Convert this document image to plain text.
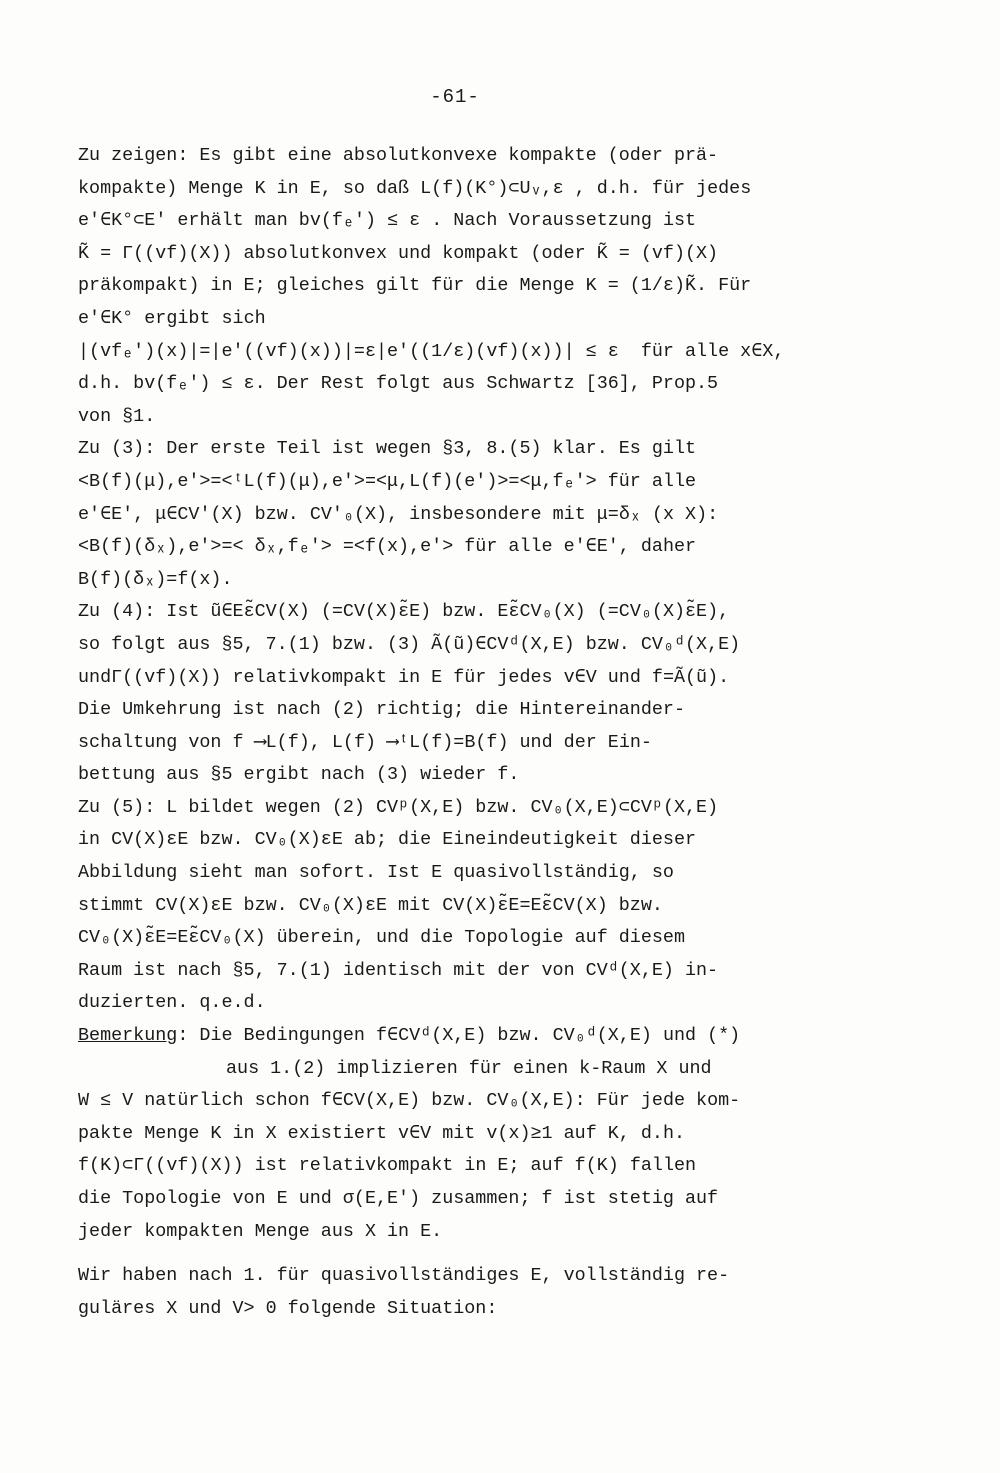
-61-
Zu zeigen: Es gibt eine absolutkonvexe kompakte (oder prä-
kompakte) Menge K in E, so daß L(f)(K°)⊂Uᵥ,ε , d.h. für jedes
e'∈K°⊂E' erhält man bv(fₑ') ≤ ε . Nach Voraussetzung ist
K̃ = Γ((vf)(X)) absolutkonvex und kompakt (oder K̃ = (vf)(X)
präkompakt) in E; gleiches gilt für die Menge K = (1/ε)K̃. Für
e'∈K° ergibt sich
|(vfₑ')(x)|=|e'((vf)(x))|=ε|e'((1/ε)(vf)(x))| ≤ ε  für alle x∈X,
d.h. bv(fₑ') ≤ ε. Der Rest folgt aus Schwartz [36], Prop.5
von §1.
Zu (3): Der erste Teil ist wegen §3, 8.(5) klar. Es gilt
<B(f)(μ),e'>=<ᵗL(f)(μ),e'>=<μ,L(f)(e')>=<μ,fₑ'> für alle
e'∈E', μ∈CV'(X) bzw. CV'₀(X), insbesondere mit μ=δₓ (x X):
<B(f)(δₓ),e'>=< δₓ,fₑ'> =<f(x),e'> für alle e'∈E', daher
B(f)(δₓ)=f(x).
Zu (4): Ist ũ∈Eε̃CV(X) (=CV(X)ε̃E) bzw. Eε̃CV₀(X) (=CV₀(X)ε̃E),
so folgt aus §5, 7.(1) bzw. (3) Ã(ũ)∈CVᵈ(X,E) bzw. CV₀ᵈ(X,E)
undΓ((vf)(X)) relativkompakt in E für jedes v∈V und f=Ã(ũ).
Die Umkehrung ist nach (2) richtig; die Hintereinander-
schaltung von f ⟶L(f), L(f) ⟶ᵗL(f)=B(f) und der Ein-
bettung aus §5 ergibt nach (3) wieder f.
Zu (5): L bildet wegen (2) CVᵖ(X,E) bzw. CV₀(X,E)⊂CVᵖ(X,E)
in CV(X)εE bzw. CV₀(X)εE ab; die Eineindeutigkeit dieser
Abbildung sieht man sofort. Ist E quasivollständig, so
stimmt CV(X)εE bzw. CV₀(X)εE mit CV(X)ε̃E=Eε̃CV(X) bzw.
CV₀(X)ε̃E=Eε̃CV₀(X) überein, und die Topologie auf diesem
Raum ist nach §5, 7.(1) identisch mit der von CVᵈ(X,E) in-
duzierten. q.e.d.
Bemerkung: Die Bedingungen f∈CVᵈ(X,E) bzw. CV₀ᵈ(X,E) und (*)
aus 1.(2) implizieren für einen k-Raum X und
W ≤ V natürlich schon f∈CV(X,E) bzw. CV₀(X,E): Für jede kom-
pakte Menge K in X existiert v∈V mit v(x)≥1 auf K, d.h.
f(K)⊂Γ((vf)(X)) ist relativkompakt in E; auf f(K) fallen
die Topologie von E und σ(E,E') zusammen; f ist stetig auf
jeder kompakten Menge aus X in E.
Wir haben nach 1. für quasivollständiges E, vollständig re-
guläres X und V> 0 folgende Situation:
